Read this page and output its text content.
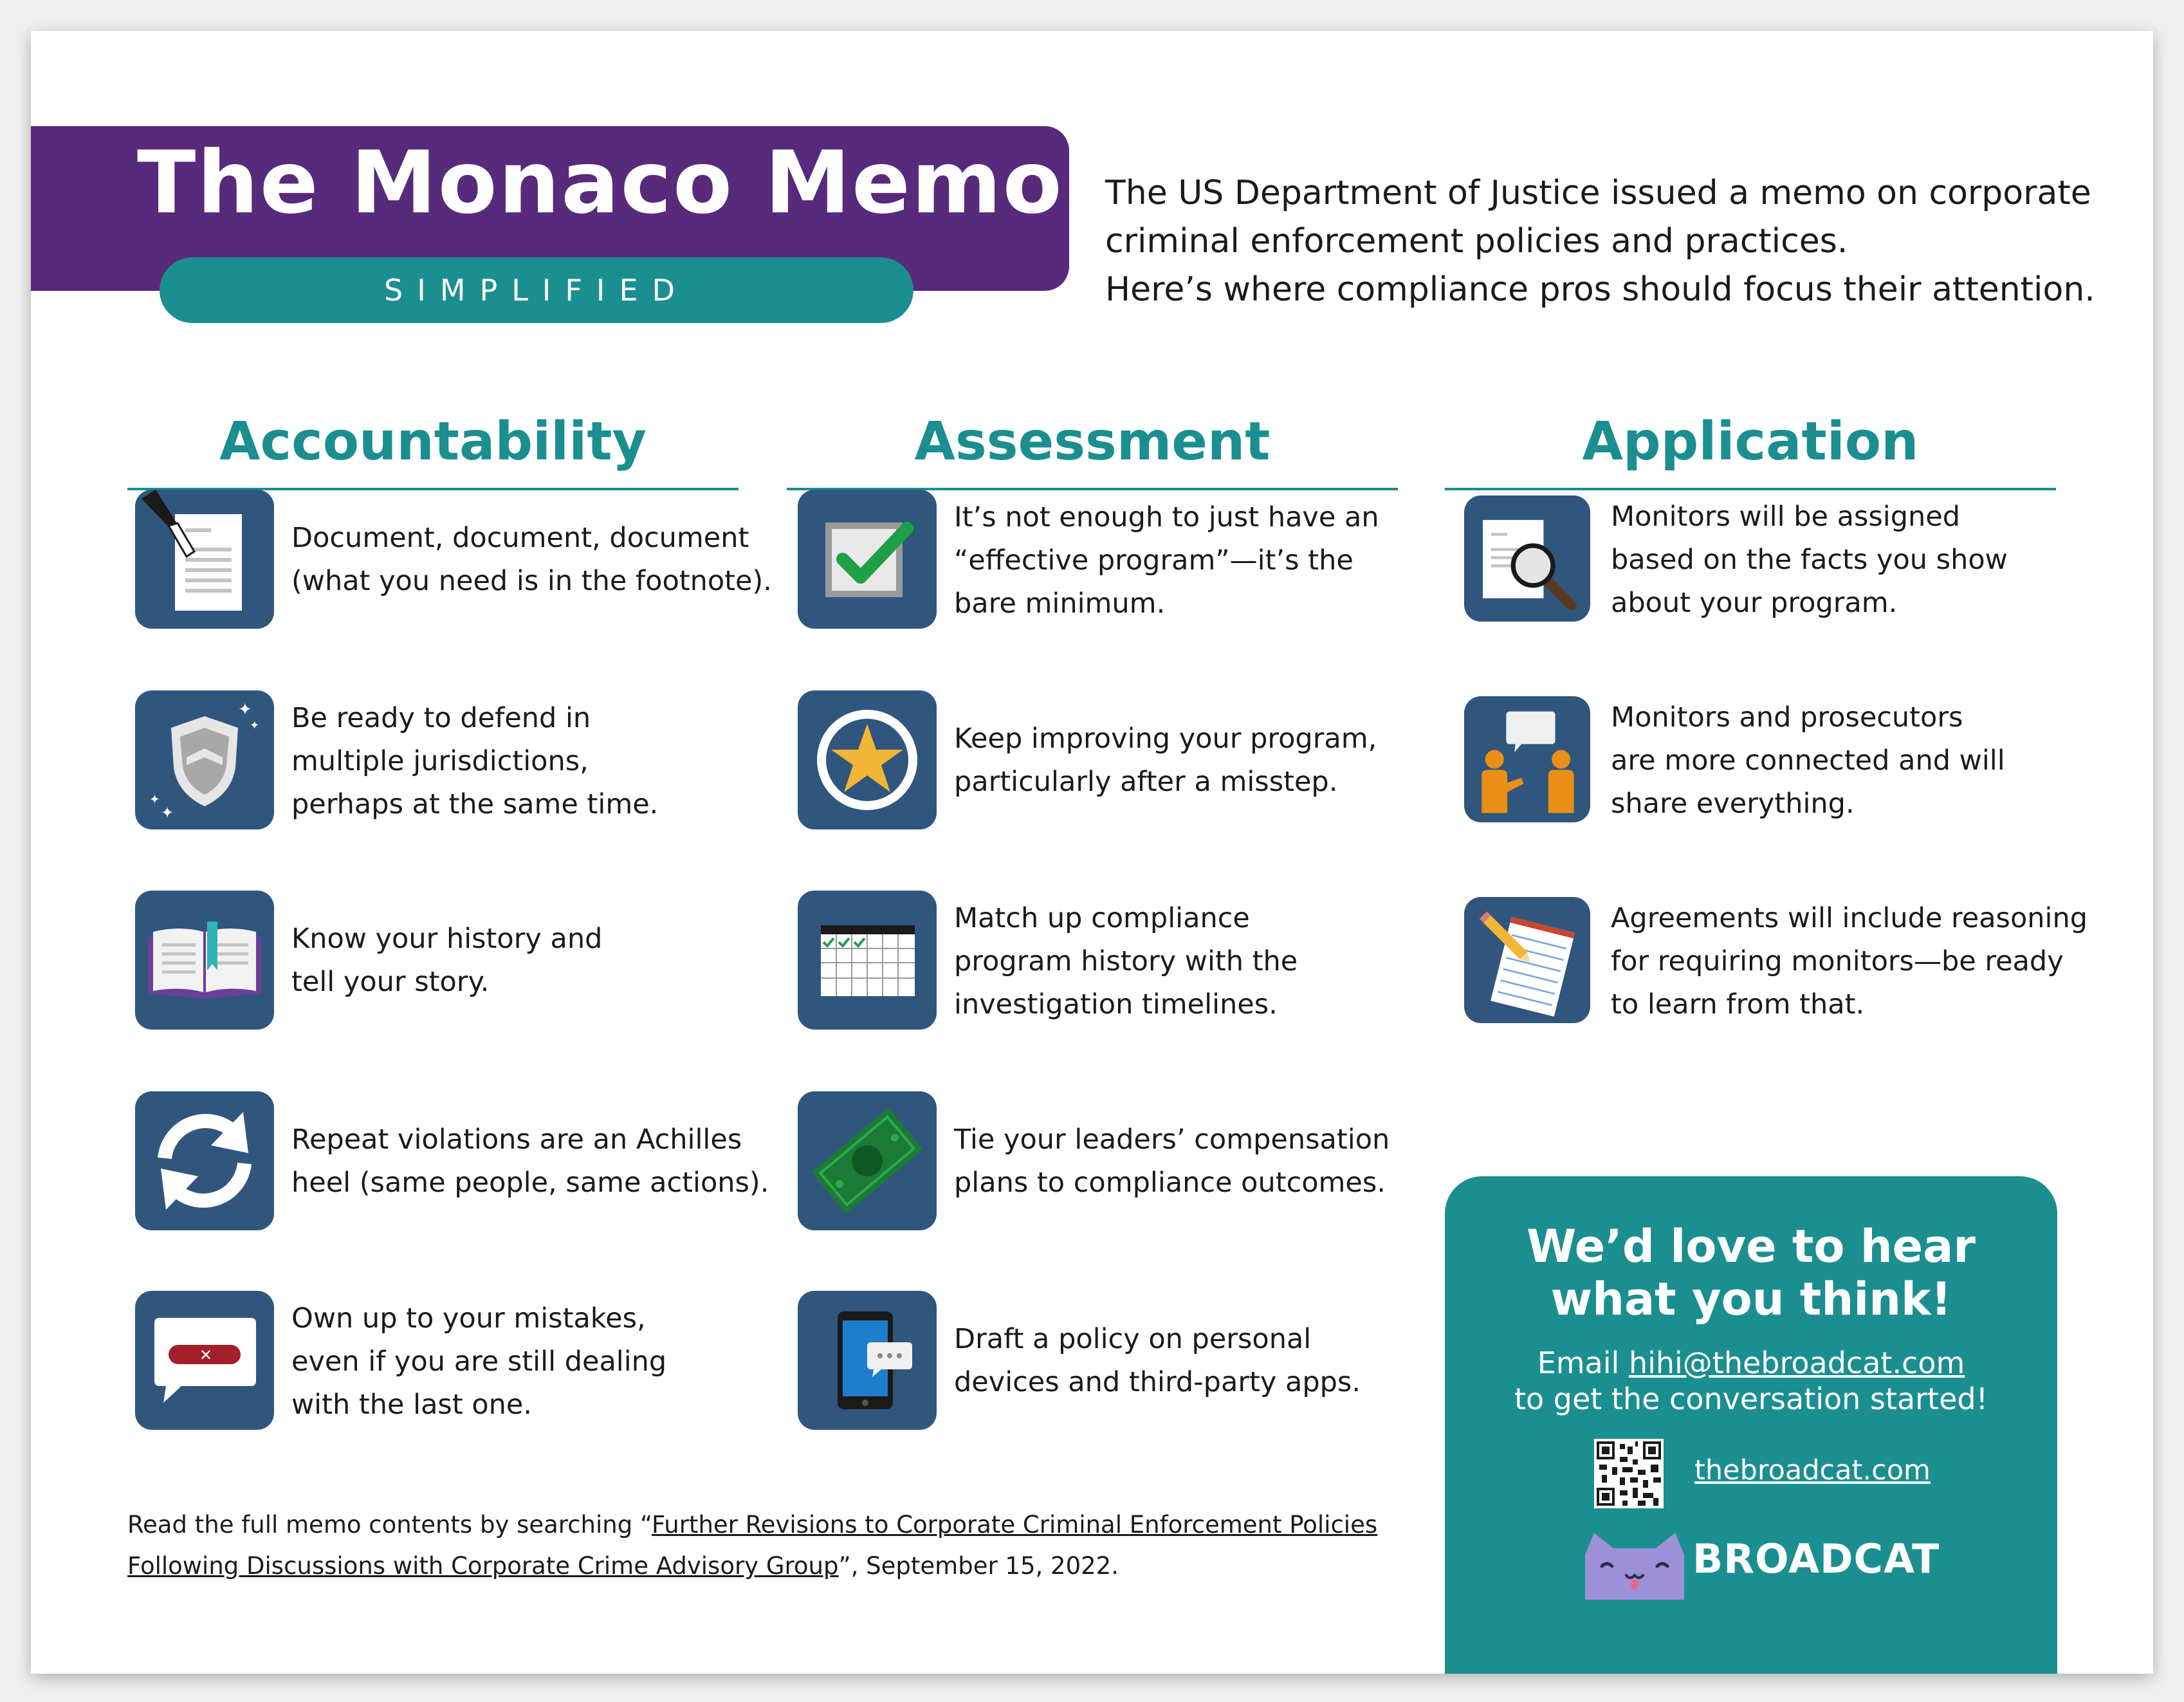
The Monaco Memo
SIMPLIFIED
The US Department of Justice issued a memo on corporate
criminal enforcement policies and practices.
Here’s where compliance pros should focus their attention.
Accountability	Assessment	Application
Document, document, document
(what you need is in the footnote).
✦
✦
✦
✦
Be ready to defend in
multiple jurisdictions,
perhaps at the same time.
Know your history and
tell your story.
Repeat violations are an Achilles
heel (same people, same actions).
✕
Own up to your mistakes,
even if you are still dealing
with the last one.
It’s not enough to just have an
“effective program”—it’s the
bare minimum.
Keep improving your program,
particularly after a misstep.
Match up compliance
program history with the
investigation timelines.
Tie your leaders’ compensation
plans to compliance outcomes.
Draft a policy on personal
devices and third-party apps.
Monitors will be assigned
based on the facts you show
about your program.
Monitors and prosecutors
are more connected and will
share everything.
Agreements will include reasoning
for requiring monitors—be ready
to learn from that.
Read the full memo contents by searching “Further Revisions to Corporate Criminal Enforcement Policies
Following Discussions with Corporate Crime Advisory Group”, September 15, 2022.
We’d love to hear
what you think!
Email hihi@thebroadcat.com
to get the conversation started!
thebroadcat.com
BROADCAT
